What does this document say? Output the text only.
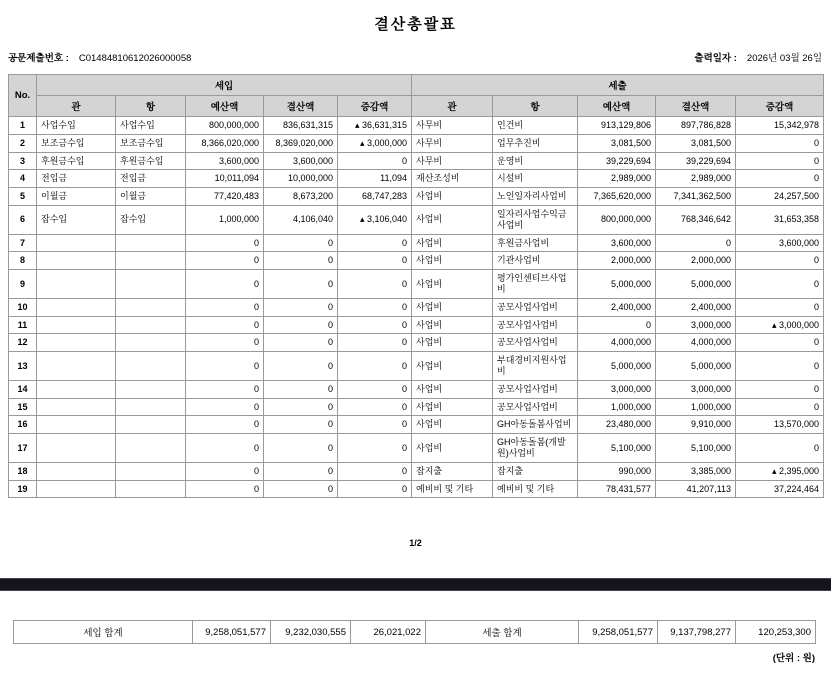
결산총괄표
공문제출번호 : C01484810612026000058	출력일자 : 2026년 03월 26일
No.	세입					세출				
	관	항	예산액	결산액	증감액	관	항	예산액	결산액	증감액
1	사업수입	사업수입	800,000,000	836,631,315	▴ 36,631,315	사무비	인건비	913,129,806	897,786,828	15,342,978
2	보조금수입	보조금수입	8,366,020,000	8,369,020,000	▴ 3,000,000	사무비	업무추진비	3,081,500	3,081,500	0
3	후원금수입	후원금수입	3,600,000	3,600,000	0	사무비	운영비	39,229,694	39,229,694	0
4	전입금	전입금	10,011,094	10,000,000	11,094	재산조성비	시설비	2,989,000	2,989,000	0
5	이월금	이월금	77,420,483	8,673,200	68,747,283	사업비	노인일자리사업비	7,365,620,000	7,341,362,500	24,257,500
6	잡수입	잡수입	1,000,000	4,106,040	▴ 3,106,040	사업비	일자리사업수익금사업비	800,000,000	768,346,642	31,653,358
7			0	0	0	사업비	후원금사업비	3,600,000	0	3,600,000
8			0	0	0	사업비	기관사업비	2,000,000	2,000,000	0
9			0	0	0	사업비	평가인센티브사업비	5,000,000	5,000,000	0
10			0	0	0	사업비	공모사업사업비	2,400,000	2,400,000	0
11			0	0	0	사업비	공모사업사업비	0	3,000,000	▴ 3,000,000
12			0	0	0	사업비	공모사업사업비	4,000,000	4,000,000	0
13			0	0	0	사업비	부대경비지원사업비	5,000,000	5,000,000	0
14			0	0	0	사업비	공모사업사업비	3,000,000	3,000,000	0
15			0	0	0	사업비	공모사업사업비	1,000,000	1,000,000	0
16			0	0	0	사업비	GH아동돌봄사업비	23,480,000	9,910,000	13,570,000
17			0	0	0	사업비	GH아동돌봄(개발원)사업비	5,100,000	5,100,000	0
18			0	0	0	잡지출	잡지출	990,000	3,385,000	▴ 2,395,000
19			0	0	0	예비비 및 기타	예비비 및 기타	78,431,577	41,207,113	37,224,464
1/2
세입 합계	9,258,051,577	9,232,030,555	26,021,022	세출 합계	9,258,051,577	9,137,798,277	120,253,300
(단위 : 원)
